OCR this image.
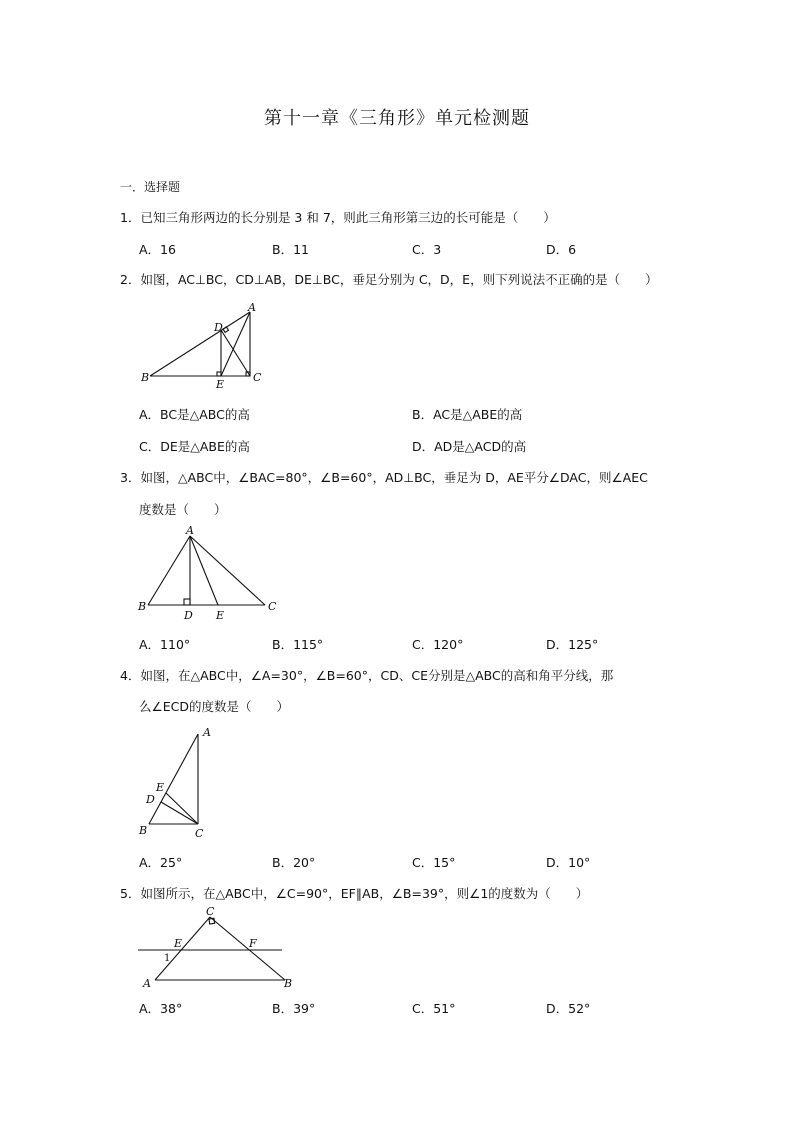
第十一章《三角形》单元检测题
一．选择题
1．已知三角形两边的长分别是 3 和 7，则此三角形第三边的长可能是（　　）
A．16	B．11	C．3	D．6
2．如图，AC⊥BC，CD⊥AB，DE⊥BC，垂足分别为 C，D，E，则下列说法不正确的是（　　）
D
A
B
E
C
A．BC是△ABC的高	B．AC是△ABE的高
C．DE是△ABE的高	D．AD是△ACD的高
3．如图，△ABC中，∠BAC=80°，∠B=60°，AD⊥BC，垂足为 D，AE平分∠DAC，则∠AEC
度数是（　　）
A
B
D E
C
A．110°	B．115°	C．120°	D．125°
4．如图，在△ABC中，∠A=30°，∠B=60°，CD、CE分别是△ABC的高和角平分线，那
么∠ECD的度数是（　　）
A
E
D
B	C
A．25°	B．20°	C．15°	D．10°
5．如图所示，在△ABC中，∠C=90°，EF∥AB，∠B=39°，则∠1的度数为（　　）
C
E	F
1
A	B
A．38°	B．39°	C．51°	D．52°
